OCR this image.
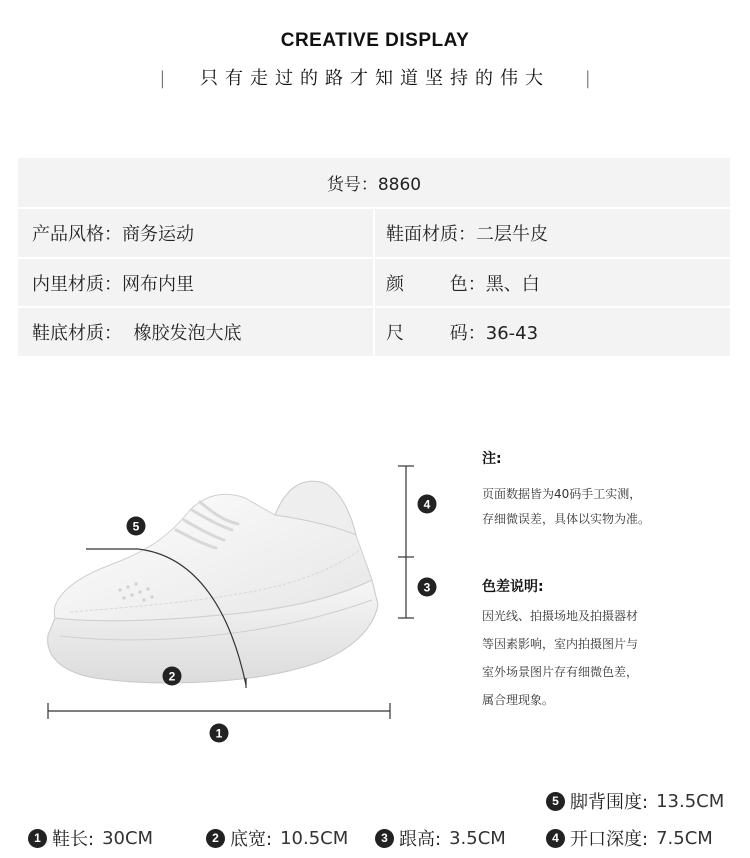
CREATIVE DISPLAY
| 只有走过的路才知道坚持的伟大 |
货号：8860
产品风格：商务运动	鞋面材质：二层牛皮
内里材质：网布内里	颜        色：黑、白
鞋底材质：  橡胶发泡大底	尺        码：36-43
5
4
3
2
1
注:
页面数据皆为40码手工实测，
存细微误差，具体以实物为准。
色差说明:
因光线、拍摄场地及拍摄器材
等因素影响，室内拍摄图片与
室外场景图片存有细微色差，
属合理现象。
5 脚背围度: 13.5CM
1 鞋长: 30CM	2 底宽: 10.5CM	3 跟高: 3.5CM	4 开口深度: 7.5CM
